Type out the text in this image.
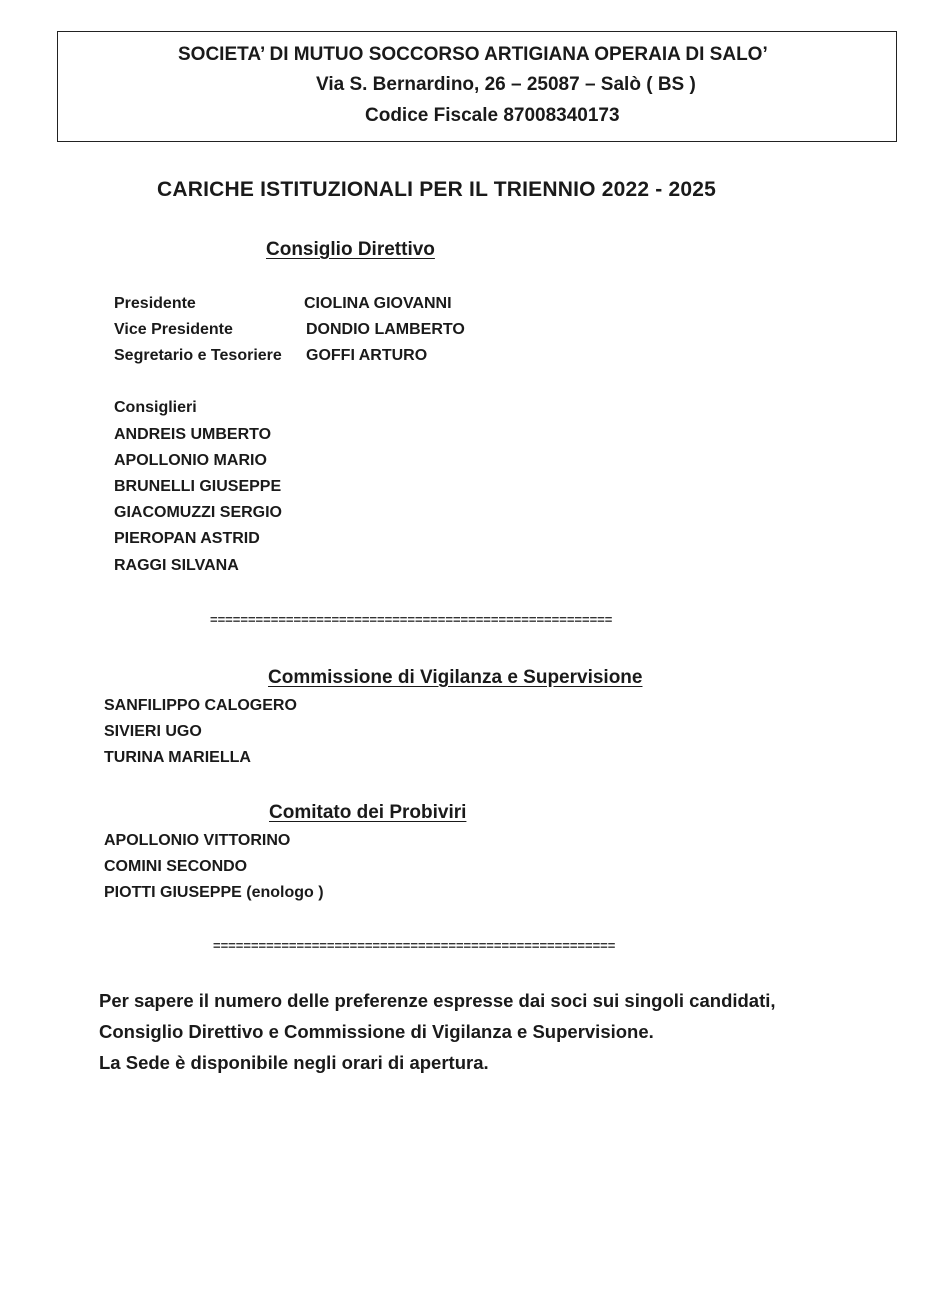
SOCIETA’ DI MUTUO SOCCORSO ARTIGIANA OPERAIA DI SALO’
Via S. Bernardino, 26 – 25087 – Salò ( BS )
Codice Fiscale 87008340173
CARICHE ISTITUZIONALI PER IL TRIENNIO 2022 - 2025
Consiglio Direttivo
Presidente	CIOLINA GIOVANNI
Vice Presidente	DONDIO LAMBERTO
Segretario e Tesoriere GOFFI ARTURO
Consiglieri
ANDREIS UMBERTO
APOLLONIO MARIO
BRUNELLI GIUSEPPE
GIACOMUZZI SERGIO
PIEROPAN ASTRID
RAGGI SILVANA
=====================================================
Commissione di Vigilanza e Supervisione
SANFILIPPO CALOGERO
SIVIERI UGO
TURINA MARIELLA
Comitato dei Probiviri
APOLLONIO VITTORINO
COMINI SECONDO
PIOTTI GIUSEPPE (enologo )
=====================================================
Per sapere il numero delle preferenze espresse dai soci sui singoli candidati,
Consiglio Direttivo e Commissione di Vigilanza e Supervisione.
La Sede è disponibile negli orari di apertura.
